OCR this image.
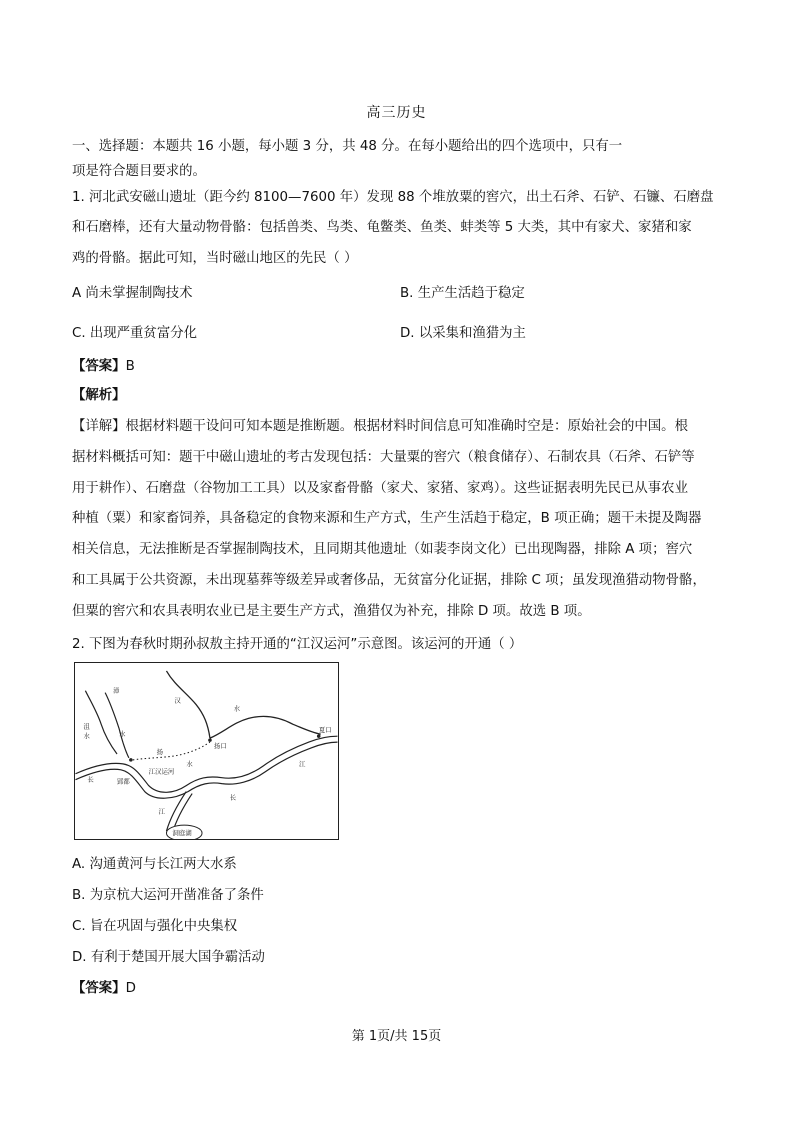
高三历史
一、选择题：本题共 16 小题，每小题 3 分，共 48 分。在每小题给出的四个选项中，只有一
项是符合题目要求的。
1. 河北武安磁山遗址（距今约 8100—7600 年）发现 88 个堆放粟的窖穴，出土石斧、石铲、石镰、石磨盘
和石磨棒，还有大量动物骨骼：包括兽类、鸟类、龟鳖类、鱼类、蚌类等 5 大类，其中有家犬、家猪和家
鸡的骨骼。据此可知，当时磁山地区的先民（ ）
A 尚未掌握制陶技术	B. 生产生活趋于稳定
C. 出现严重贫富分化	D. 以采集和渔猎为主
【答案】B
【解析】
【详解】根据材料题干设问可知本题是推断题。根据材料时间信息可知准确时空是：原始社会的中国。根
据材料概括可知：题干中磁山遗址的考古发现包括：大量粟的窖穴（粮食储存）、石制农具（石斧、石铲等
用于耕作）、石磨盘（谷物加工工具）以及家畜骨骼（家犬、家猪、家鸡）。这些证据表明先民已从事农业
种植（粟）和家畜饲养，具备稳定的食物来源和生产方式，生产生活趋于稳定，B 项正确；题干未提及陶器
相关信息，无法推断是否掌握制陶技术，且同期其他遗址（如裴李岗文化）已出现陶器，排除 A 项；窖穴
和工具属于公共资源，未出现墓葬等级差异或奢侈品，无贫富分化证据，排除 C 项；虽发现渔猎动物骨骼，
但粟的窖穴和农具表明农业已是主要生产方式，渔猎仅为补充，排除 D 项。故选 B 项。
2. 下图为春秋时期孙叔敖主持开通的“江汉运河”示意图。该运河的开通（ ）
沮
水
漳
水
汉
水
扬口
夏口
扬
水
江汉运河
郢都
长
长
江
江
洞庭湖
A. 沟通黄河与长江两大水系
B. 为京杭大运河开凿准备了条件
C. 旨在巩固与强化中央集权
D. 有利于楚国开展大国争霸活动
【答案】D
第 1页/共 15页
